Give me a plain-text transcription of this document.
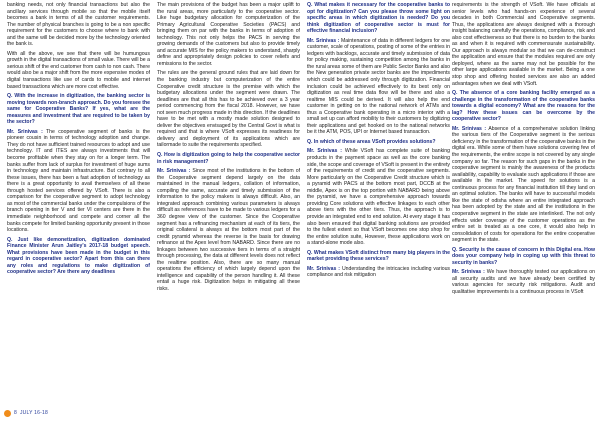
banking needs, not only financial transactions but also the ancillary services through mobile so that the mobile itself becomes a bank in terms of all the customer requirements. The number of physical branches is going to be a non specific requirement for the customers to choose where to bank with and the same will be decided more by the technology oriented the bank is.

With all the above, we see that there will be humungous growth in the digital transactions of small value. There will be a serious shift of the end customer from cash to non cash. There would also be a major shift from the more expensive modes of digital transactions like use of cards to mobile and internet based transactions which are more cost effective.

Q. With the increase in digitization, the banking sector is moving towards non-branch approach. Do you foresee the same for Cooperative Banks? If yes, what are the measures and investment that are required to be taken by the sector?

Mr. Srinivas : The cooperative segment of banks is the pioneer cousin in terms of technology adoption and change. They do not have sufficient trained resources to adopt and use technology. IT and ITES are always investments that will become profitable when they stay on for a longer term. The banks suffer from lack of surplus for investment of huge sums in technology and maintain infrastructure. But contrary to all these issues, there has been a fast adoption of technology as there is a great opportunity to avail themselves of all these through hosted services offered by VSoft. There is also a comparison for the cooperative segment to adopt technology as most of the commercial banks under the compulsions of the branch opening in tier V and tier VI centers are there in the immediate neighborhood and compete and corner all the banks compete for limited banking opportunity present in those locations.

Q. Just like demonetization, digitization dominated Finance Minister Arun Jaitley's 2017-18 budget speech. What provisions have been made in the budget in this regard in cooperative sector? Apart from this can there any roles and regulations to make digitization of cooperative sector? Are there any deadlines

The main provisions of the budget has been a major uplift to the rural areas, more particularly to the cooperative sector. Like huge budgetary allocation for computerization of the Primary Agricultural Cooperative Societies (PACS) and bringing them on par with the banks in terms of adoption of technology. This not only helps the PACS in serving the growing demands of the customers but also to provide timely and accurate MIS for the policy makers to understand, sharply define and appropriately design policies to cover reliefs and remissions to the sector.

The rules are the general ground rules that are laid down for the banking industry but computerization of the entire Cooperative credit structure is the premise with which the budgetary allocations under the segment were drawn. The deadlines are that all this has to be achieved over a 3 year period commencing from the fiscal 2018. However, we have not seen much progress made in this direction. If the deadlines have to be met with a mostly made solution designed to deliver the objectives envisaged by the Central Govt is what is required and that is where VSoft expresses its readiness for delivery and deployment of its applications which are tailormade to suite the requirements specified.

Q. How is digitization going to help the cooperative sector in risk management?

Mr. Srinivas : Since most of the institutions in the bottom of the Cooperative segment depend largely on the data maintained in the manual ledgers, collation of information, compiling the same, accurate and timely submission of the information to the policy makers is always difficult. Also, an integrated approach combining various parameters is always difficult as references have to be made to various ledgers for a 360 degree view of the customer. Since the Cooperative segment has a refinancing mechanism at each of its tiers, the original collateral is always at the bottom most part of the credit pyramid whereas the reverse is the basis for drawing refinance at the Apex level from NABARD. Since there are no linkages between two successive tiers in terms of a straight through processing, the data at different levels does not reflect the realtime position. Also, there are so many manual operations the efficiency of which largely depend upon the intelligence and capability of the person handling it. All these entail a huge risk. Digitization helps in mitigating all these risks.

Q. What makes it necessary for the cooperative banks to opt for digitization? Can you please throw some light on specific areas in which digitization is needed? Do you think digitization of cooperative sector is must for effective financial inclusion?

Mr. Srinivas : Maintenance of data in different ledgers for one customer, scale of operations, posting of some of the entries in ledgers with backlogs, accurate and timely submission of data for policy making, sustaining competition among the banks in the rural areas some of them are Public Sector Banks and also the New generation private sector banks are the impediments which could be addressed only through digitization. Financial inclusion could be achieved effectively to its best only on digitization as real time data flow will be there and also a realtime MIS could be derived. It will also help the end customer in getting on to the national network of ATMs and thus a Cooperative bank operating in a micro interior with a small set up can afford mobility to their customers by digitizing their applications and get hooked on to the national networks be it the ATM, POS, UPI or Internet based transaction.

Q. In which of these areas VSoft provides solutions?

Mr. Srinivas : While VSoft has complete suite of banking products in the payment space as well as the core banking side, the scope and coverage of VSoft is present in the entirety of the requirements of credit and the cooperative segments. More particularly on the Cooperative Credit structure which is a pyramid with PACS at the bottom most part, DCCB at the middle, Apex is on the top portion with NABARD being above the pyramid, we have a comprehensive approach towards providing Core solutions with effective linkages to each other above tiers with the other tiers. Thus, the approach is to provide an integrated end to end solution. At every stage it has also been ensured that digital banking solutions are provided to the fullest extent so that VSoft becomes one stop shop for the entire solution suite, However, these applications work on a stand-alone mode also.

Q. What makes VSoft distinct from many big players in the market providing these services?

Mr. Srinivas : Understanding the intricacies including various compliance and risk mitigation

requirements is the strength of VSoft. We have officials at senior levels who had hands-on experience of several decades in both Commercial and Cooperative segments. Thus, the applications are always designed with a thorough insight balancing carefully the operations, compliance, risk and also cost effectiveness so that there is no burden to the banks as and when it is required with commensurate sustainability. Our approach is always modular so that we can de-construct the application and ensure that the modules required are only deployed, where as the same may not be possible for the other large applications available in the market. Being a one stop shop and offering hosted services are also an added advantages when we deal with VSoft.

Q. The absence of a core banking facility emerged as a challenge in the transformation of the cooperative banks towards a digital economy? What are the reasons for the lag? How these issues can be overcome by the cooperative sector?

Mr. Srinivas : Absence of a comprehensive solution linking the various tiers of the Cooperative segment is the serious deficiency in the transformation of the cooperative banks in the digital era. While some of them have solutions covering few of the requirements, the entire scope is not covered by any single company so far. The reason for such gaps in the banks in the cooperative segment is mainly the awareness of the products availability, capability to evaluate such applications if those are available in the market. The speed for solutions is a continuous process for any financial institution till they land on an optimal solution. The banks will have to successful models like the state of odisha where an entire integrated approach has been adopted by the state and all the institutions in the cooperative segment in the state are interlinked. The not only effects wider coverage of the customer operations as the entire set is treated as a one core, it would also help in consolidation of costs for operations for the entire cooperative segment in the state.

Q. Security is the cause of concern in this Digital era. How does your company help in coping up with this threat to security in banks?

Mr. Srinivas : We have thoroughly tested our applications on all security audits and we have already been certified by various agencies for security risk mitigations. Audit and qualitative improvements is a continuous process in VSoft

8 JULY 16-18
